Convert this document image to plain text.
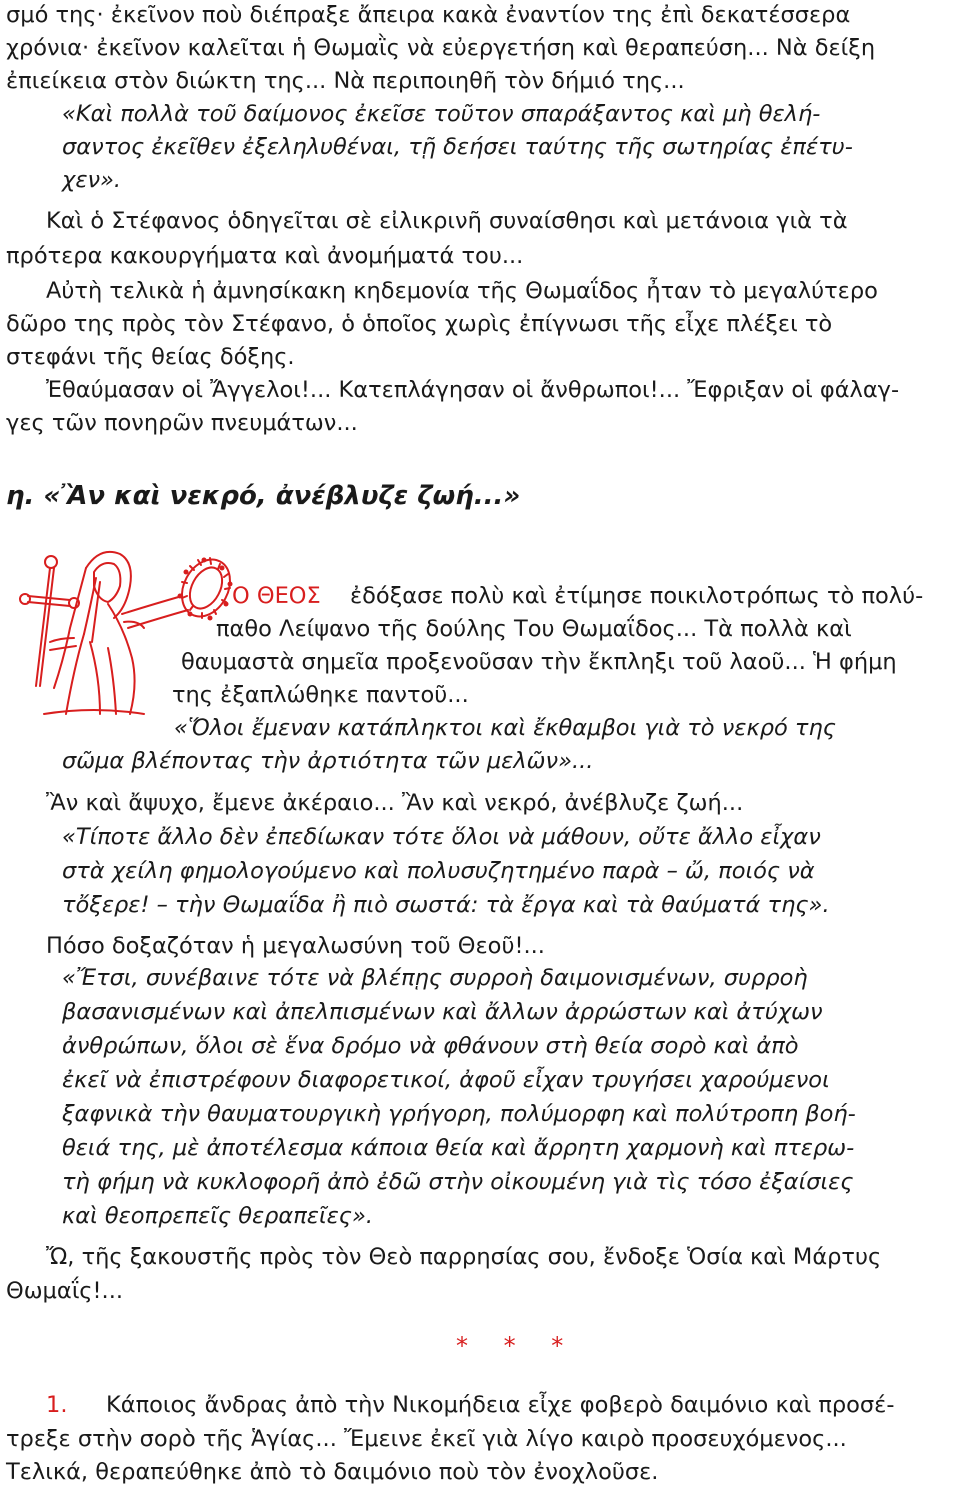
σμό της· ἐκεῖνον ποὺ διέπραξε ἄπειρα κακὰ ἐναντίον της ἐπὶ δεκατέσσερα
χρόνια· ἐκεῖνον καλεῖται ἡ Θωμαῒς νὰ εὐεργετήση καὶ θεραπεύση... Νὰ δείξη
ἐπιείκεια στὸν διώκτη της... Νὰ περιποιηθῆ τὸν δήμιό της...
«Καὶ πολλὰ τοῦ δαίμονος ἐκεῖσε τοῦτον σπαράξαντος καὶ μὴ θελή-
σαντος ἐκεῖθεν ἐξεληλυθέναι, τῇ δεήσει ταύτης τῆς σωτηρίας ἐπέτυ-
χεν».
Καὶ ὁ Στέφανος ὁδηγεῖται σὲ εἰλικρινῆ συναίσθησι καὶ μετάνοια γιὰ τὰ
πρότερα κακουργήματα καὶ ἀνομήματά του...
Αὐτὴ τελικὰ ἡ ἀμνησίκακη κηδεμονία τῆς Θωμαΐδος ἦταν τὸ μεγαλύτερο
δῶρο της πρὸς τὸν Στέφανο, ὁ ὁποῖος χωρὶς ἐπίγνωσι τῆς εἶχε πλέξει τὸ
στεφάνι τῆς θείας δόξης.
Ἐθαύμασαν οἱ Ἄγγελοι!... Κατεπλάγησαν οἱ ἄνθρωποι!... Ἔφριξαν οἱ φάλαγ-
γες τῶν πονηρῶν πνευμάτων...
η. «Ἂν καὶ νεκρό, ἀνέβλυζε ζωή...»
Ο ΘΕΟΣ ἐδόξασε πολὺ καὶ ἐτίμησε ποικιλοτρόπως τὸ πολύ-
παθο Λείψανο τῆς δούλης Του Θωμαΐδος... Τὰ πολλὰ καὶ
θαυμαστὰ σημεῖα προξενοῦσαν τὴν ἔκπληξι τοῦ λαοῦ... Ἡ φήμη
της ἐξαπλώθηκε παντοῦ...
«Ὅλοι ἔμεναν κατάπληκτοι καὶ ἔκθαμβοι γιὰ τὸ νεκρό της
σῶμα βλέποντας τὴν ἀρτιότητα τῶν μελῶν»...
Ἂν καὶ ἄψυχο, ἔμενε ἀκέραιο... Ἂν καὶ νεκρό, ἀνέβλυζε ζωή...
«Τίποτε ἄλλο δὲν ἐπεδίωκαν τότε ὅλοι νὰ μάθουν, οὔτε ἄλλο εἶχαν
στὰ χείλη φημολογούμενο καὶ πολυσυζητημένο παρὰ – ὤ, ποιός νὰ
τὄξερε! – τὴν Θωμαΐδα ἢ πιὸ σωστά: τὰ ἔργα καὶ τὰ θαύματά της».
Πόσο δοξαζόταν ἡ μεγαλωσύνη τοῦ Θεοῦ!...
«Ἔτσι, συνέβαινε τότε νὰ βλέπῃς συρροὴ δαιμονισμένων, συρροὴ
βασανισμένων καὶ ἀπελπισμένων καὶ ἄλλων ἀρρώστων καὶ ἀτύχων
ἀνθρώπων, ὅλοι σὲ ἕνα δρόμο νὰ φθάνουν στὴ θεία σορὸ καὶ ἀπὸ
ἐκεῖ νὰ ἐπιστρέφουν διαφορετικοί, ἀφοῦ εἶχαν τρυγήσει χαρούμενοι
ξαφνικὰ τὴν θαυματουργικὴ γρήγορη, πολύμορφη καὶ πολύτροπη βοή-
θειά της, μὲ ἀποτέλεσμα κάποια θεία καὶ ἄρρητη χαρμονὴ καὶ πτερω-
τὴ φήμη νὰ κυκλοφορῆ ἀπὸ ἐδῶ στὴν οἰκουμένη γιὰ τὶς τόσο ἐξαίσιες
καὶ θεοπρεπεῖς θεραπεῖες».
Ὤ, τῆς ξακουστῆς πρὸς τὸν Θεὸ παρρησίας σου, ἔνδοξε Ὁσία καὶ Μάρτυς
Θωμαΐς!...
* * *
1. Κάποιος ἄνδρας ἀπὸ τὴν Νικομήδεια εἶχε φοβερὸ δαιμόνιο καὶ προσέ-
τρεξε στὴν σορὸ τῆς Ἁγίας... Ἔμεινε ἐκεῖ γιὰ λίγο καιρὸ προσευχόμενος...
Τελικά, θεραπεύθηκε ἀπὸ τὸ δαιμόνιο ποὺ τὸν ἐνοχλοῦσε.
